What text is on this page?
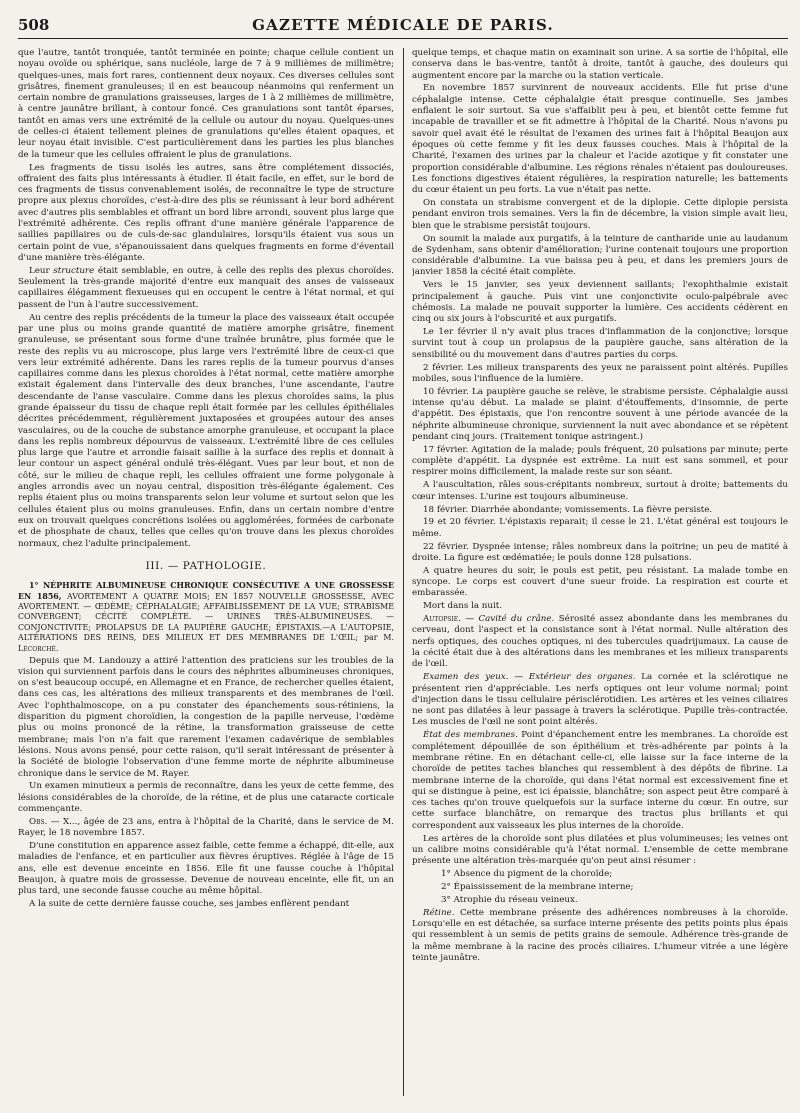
508	GAZETTE MÉDICALE DE PARIS.

que l'autre, tantôt tronquée, tantôt terminée en pointe; chaque cellule contient un noyau ovoïde ou sphérique, sans nucléole, large de 7 à 9 millièmes de millimètre; quelques-unes, mais fort rares, contiennent deux noyaux. Ces diverses cellules sont grisâtres, finement granuleuses; il en est beaucoup néanmoins qui renferment un certain nombre de granulations graisseuses, larges de 1 à 2 millièmes de millimètre, à centre jaunâtre brillant, à contour foncé. Ces granulations sont tantôt éparses, tantôt en amas vers une extrémité de la cellule ou autour du noyau. Quelques-unes de celles-ci étaient tellement pleines de granulations qu'elles étaient opaques, et leur noyau était invisible. C'est particulièrement dans les parties les plus blanches de la tumeur que les cellules offraient le plus de granulations.

Les fragments de tissu isolés les autres, sans être complétement dissociés, offraient des faits plus intéressants à étudier. Il était facile, en effet, sur le bord de ces fragments de tissus convenablement isolés, de reconnaître le type de structure propre aux plexus choroïdes, c'est-à-dire des plis se réunissant à leur bord adhérent avec d'autres plis semblables et offrant un bord libre arrondi, souvent plus large que l'extrémité adhérente. Ces replis offrant d'une manière générale l'apparence de saillies papillaires ou de culs-de-sac glandulaires, lorsqu'ils étaient vus sous un certain point de vue, s'épanouissaient dans quelques fragments en forme d'éventail d'une manière très-élégante.

Leur structure était semblable, en outre, à celle des replis des plexus choroïdes. Seulement la très-grande majorité d'entre eux manquait des anses de vaisseaux capillaires élégamment flexueuses qui en occupent le centre à l'état normal, et qui passent de l'un à l'autre successivement.

Au centre des replis précédents de la tumeur la place des vaisseaux était occupée par une plus ou moins grande quantité de matière amorphe grisâtre, finement granuleuse, se présentant sous forme d'une traînée brunâtre, plus formée que le reste des replis vu au microscope, plus large vers l'extrémité libre de ceux-ci que vers leur extrémité adhérente. Dans les rares replis de la tumeur pourvus d'anses capillaires comme dans les plexus choroïdes à l'état normal, cette matière amorphe existait également dans l'intervalle des deux branches, l'une ascendante, l'autre descendante de l'anse vasculaire. Comme dans les plexus choroïdes sains, la plus grande épaisseur du tissu de chaque repli était formée par les cellules épithéliales décrites précédemment, régulièrement juxtaposées et groupées autour des anses vasculaires, ou de la couche de substance amorphe granuleuse, et occupant la place dans les replis nombreux dépourvus de vaisseaux. L'extrémité libre de ces cellules plus large que l'autre et arrondie faisait saillie à la surface des replis et donnait à leur contour un aspect général ondulé très-élégant. Vues par leur bout, et non de côté, sur le milieu de chaque repli, les cellules offraient une forme polygonale à angles arrondis avec un noyau central, disposition très-élégante également. Ces replis étaient plus ou moins transparents selon leur volume et surtout selon que les cellules étaient plus ou moins granuleuses. Enfin, dans un certain nombre d'entre eux on trouvait quelques concrétions isolées ou agglomérées, formées de carbonate et de phosphate de chaux, telles que celles qu'on trouve dans les plexus choroïdes normaux, chez l'adulte principalement.

III. — PATHOLOGIE.

1° NÉPHRITE ALBUMINEUSE CHRONIQUE CONSÉCUTIVE A UNE GROSSESSE EN 1856, AVORTEMENT A QUATRE MOIS; EN 1857 NOUVELLE GROSSESSE, AVEC AVORTEMENT. — ŒDÈME; CÉPHALALGIE; AFFAIBLISSEMENT DE LA VUE; STRABISME CONVERGENT; CÉCITÉ COMPLÈTE. — URINES TRÈS-ALBUMINEUSES. — CONJONCTIVITE; PROLAPSUS DE LA PAUPIÈRE GAUCHE; ÉPISTAXIS.—A L'AUTOPSIE, ALTÉRATIONS DES REINS, DES MILIEUX ET DES MEMBRANES DE L'ŒIL; par M. Lécorché.

Depuis que M. Landouzy a attiré l'attention des praticiens sur les troubles de la vision qui surviennent parfois dans le cours des néphrites albumineuses chroniques, on s'est beaucoup occupé, en Allemagne et en France, de rechercher quelles étaient, dans ces cas, les altérations des milieux transparents et des membranes de l'œil. Avec l'ophthalmoscope, on a pu constater des épanchements sous-rétiniens, la disparition du pigment choroïdien, la congestion de la papille nerveuse, l'œdème plus ou moins prononcé de la rétine, la transformation graisseuse de cette membrane; mais l'on n'a fait que rarement l'examen cadavérique de semblables lésions. Nous avons pensé, pour cette raison, qu'il serait intéressant de présenter à la Société de biologie l'observation d'une femme morte de néphrite albumineuse chronique dans le service de M. Rayer.

Un examen minutieux a permis de reconnaître, dans les yeux de cette femme, des lésions considérables de la choroïde, de la rétine, et de plus une cataracte corticale commençante.

Obs. — X..., âgée de 23 ans, entra à l'hôpital de la Charité, dans le service de M. Rayer, le 18 novembre 1857.

D'une constitution en apparence assez faible, cette femme a échappé, dit-elle, aux maladies de l'enfance, et en particulier aux fièvres éruptives. Réglée à l'âge de 15 ans, elle est devenue enceinte en 1856. Elle fit une fausse couche à l'hôpital Beaujon, à quatre mois de grossesse. Devenue de nouveau enceinte, elle fit, un an plus tard, une seconde fausse couche au même hôpital.

A la suite de cette dernière fausse couche, ses jambes enflèrent pendant

quelque temps, et chaque matin on examinait son urine. A sa sortie de l'hôpital, elle conserva dans le bas-ventre, tantôt à droite, tantôt à gauche, des douleurs qui augmentent encore par la marche ou la station verticale.

En novembre 1857 survinrent de nouveaux accidents. Elle fut prise d'une céphalalgie intense. Cette céphalalgie était presque continuelle. Ses jambes enflaient le soir surtout. Sa vue s'affaiblit peu à peu, et bientôt cette femme fut incapable de travailler et se fit admettre à l'hôpital de la Charité. Nous n'avons pu savoir quel avait été le résultat de l'examen des urines fait à l'hôpital Beaujon aux époques où cette femme y fit les deux fausses couches. Mais à l'hôpital de la Charité, l'examen des urines par la chaleur et l'acide azotique y fit constater une proportion considérable d'albumine. Les régions rénales n'étaient pas douloureuses. Les fonctions digestives étaient régulières, la respiration naturelle; les battements du cœur étaient un peu forts. La vue n'était pas nette.

On constata un strabisme convergent et de la diplopie. Cette diplopie persista pendant environ trois semaines. Vers la fin de décembre, la vision simple avait lieu, bien que le strabisme persistât toujours.

On soumit la malade aux purgatifs, à la teinture de cantharide unie au laudanum de Sydenham, sans obtenir d'amélioration; l'urine contenait toujours une proportion considérable d'albumine. La vue baissa peu à peu, et dans les premiers jours de janvier 1858 la cécité était complète.

Vers le 15 janvier, ses yeux deviennent saillants; l'exophthalmie existait principalement à gauche. Puis vint une conjonctivite oculo-palpébrale avec chémosis. La malade ne pouvait supporter la lumière. Ces accidents cédèrent en cinq ou six jours à l'obscurité et aux purgatifs.

Le 1er février il n'y avait plus traces d'inflammation de la conjonctive; lorsque survint tout à coup un prolapsus de la paupière gauche, sans altération de la sensibilité ou du mouvement dans d'autres parties du corps.

2 février. Les milieux transparents des yeux ne paraissent point altérés. Pupilles mobiles, sous l'influence de la lumière.

10 février. La paupière gauche se relève, le strabisme persiste. Céphalalgie aussi intense qu'au début. La malade se plaint d'étouffements, d'insomnie, de perte d'appétit. Des épistaxis, que l'on rencontre souvent à une période avancée de la néphrite albumineuse chronique, surviennent la nuit avec abondance et se répètent pendant cinq jours. (Traitement tonique astringent.)

17 février. Agitation de la malade; pouls fréquent, 20 pulsations par minute; perte complète d'appétit. La dyspnée est extrême. La nuit est sans sommeil, et pour respirer moins difficilement, la malade reste sur son séant.

A l'auscultation, râles sous-crépitants nombreux, surtout à droite; battements du cœur intenses. L'urine est toujours albumineuse.

18 février. Diarrhée abondante; vomissements. La fièvre persiste.

19 et 20 février. L'épistaxis reparait; il cesse le 21. L'état général est toujours le même.

22 février. Dyspnée intense; râles nombreux dans la poitrine; un peu de matité à droite. La figure est œdématiée; le pouls donne 128 pulsations.

A quatre heures du soir, le pouls est petit, peu résistant. La malade tombe en syncope. Le corps est couvert d'une sueur froide. La respiration est courte et embarassée.

Mort dans la nuit.

Autopsie. — Cavité du crâne. Sérosité assez abondante dans les membranes du cerveau, dont l'aspect et la consistance sont à l'état normal. Nulle altération des nerfs optiques, des couches optiques, ni des tubercules quadrijumaux. La cause de la cécité était due à des altérations dans les membranes et les milieux transparents de l'œil.

Examen des yeux. — Extérieur des organes. La cornée et la sclérotique ne présentent rien d'appréciable. Les nerfs optiques ont leur volume normal; point d'injection dans le tissu cellulaire périsclérotidien. Les artères et les veines ciliaires ne sont pas dilatées à leur passage à travers la sclérotique. Pupille très-contractée. Les muscles de l'œil ne sont point altérés.

État des membranes. Point d'épanchement entre les membranes. La choroïde est complétement dépouillée de son épithélium et très-adhérente par points à la membrane rétine. En en détachant celle-ci, elle laisse sur la face interne de la choroïde de petites taches blanches qui ressemblent à des dépôts de fibrine. La membrane interne de la choroïde, qui dans l'état normal est excessivement fine et qui se distingue à peine, est ici épaissie, blanchâtre; son aspect peut être comparé à ces taches qu'on trouve quelquefois sur la surface interne du cœur. En outre, sur cette surface blanchâtre, on remarque des tractus plus brillants et qui correspondent aux vaisseaux les plus internes de la choroïde.

Les artères de la choroïde sont plus dilatées et plus volumineuses; les veines ont un calibre moins considérable qu'à l'état normal. L'ensemble de cette membrane présente une altération très-marquée qu'on peut ainsi résumer :

1° Absence du pigment de la choroïde;

2° Épaississement de la membrane interne;

3° Atrophie du réseau veineux.

Rétine. Cette membrane présente des adhérences nombreuses à la choroïde. Lorsqu'elle en est détachée, sa surface interne présente des petits points plus épais qui ressemblent à un semis de petits grains de semoule. Adhérence très-grande de la même membrane à la racine des procès ciliaires. L'humeur vitrée a une légère teinte jaunâtre.
